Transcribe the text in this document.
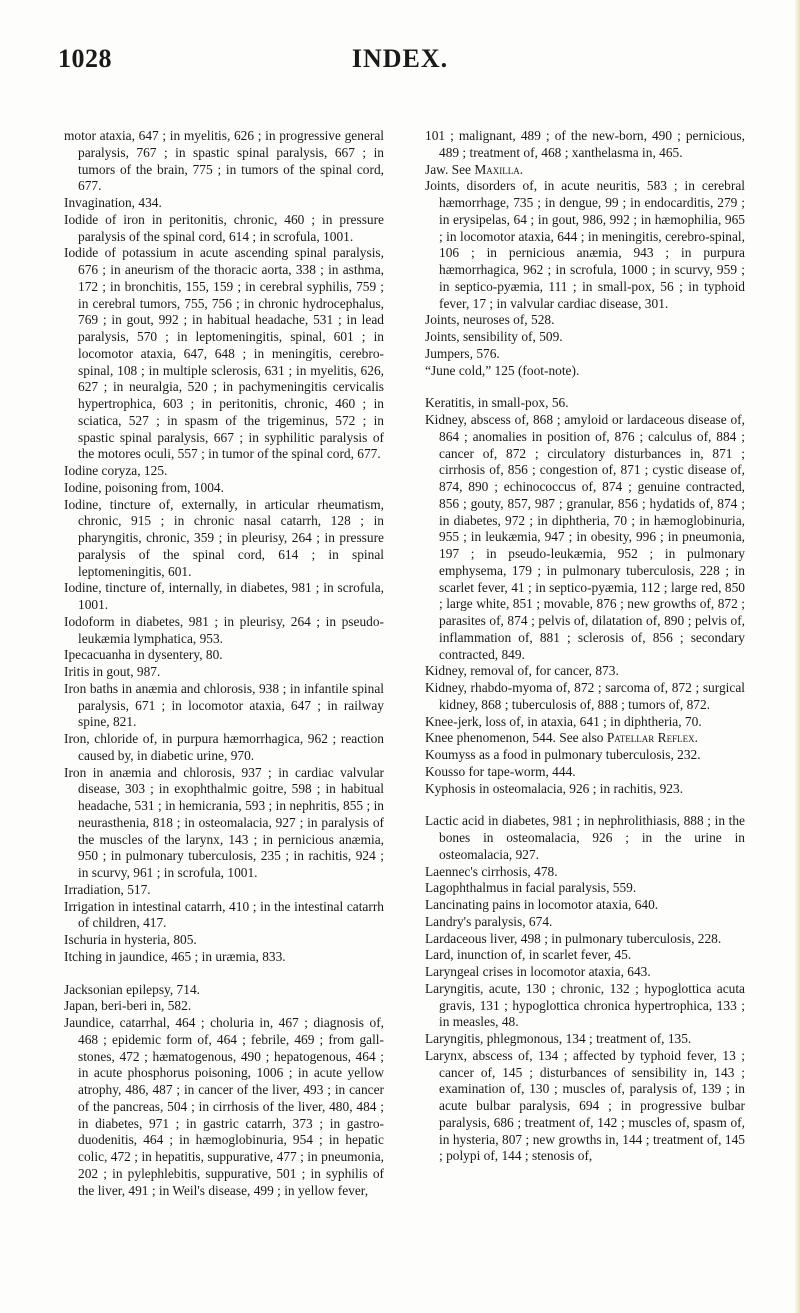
INDEX.
1028
motor ataxia, 647 ; in myelitis, 626 ; in progressive general paralysis, 767 ; in spastic spinal paralysis, 667 ; in tumors of the brain, 775 ; in tumors of the spinal cord, 677.
Invagination, 434.
Iodide of iron in peritonitis, chronic, 460 ; in pressure paralysis of the spinal cord, 614 ; in scrofula, 1001.
Iodide of potassium in acute ascending spinal paralysis, 676 ; in aneurism of the thoracic aorta, 338 ; in asthma, 172 ; in bronchitis, 155, 159 ; in cerebral syphilis, 759 ; in cerebral tumors, 755, 756 ; in chronic hydrocephalus, 769 ; in gout, 992 ; in habitual headache, 531 ; in lead paralysis, 570 ; in leptomeningitis, spinal, 601 ; in locomotor ataxia, 647, 648 ; in meningitis, cerebro-spinal, 108 ; in multiple sclerosis, 631 ; in myelitis, 626, 627 ; in neuralgia, 520 ; in pachymeningitis cervicalis hypertrophica, 603 ; in peritonitis, chronic, 460 ; in sciatica, 527 ; in spasm of the trigeminus, 572 ; in spastic spinal paralysis, 667 ; in syphilitic paralysis of the motores oculi, 557 ; in tumor of the spinal cord, 677.
Iodine coryza, 125.
Iodine, poisoning from, 1004.
Iodine, tincture of, externally, in articular rheumatism, chronic, 915 ; in chronic nasal catarrh, 128 ; in pharyngitis, chronic, 359 ; in pleurisy, 264 ; in pressure paralysis of the spinal cord, 614 ; in spinal leptomeningitis, 601.
Iodine, tincture of, internally, in diabetes, 981 ; in scrofula, 1001.
Iodoform in diabetes, 981 ; in pleurisy, 264 ; in pseudo-leukæmia lymphatica, 953.
Ipecacuanha in dysentery, 80.
Iritis in gout, 987.
Iron baths in anæmia and chlorosis, 938 ; in infantile spinal paralysis, 671 ; in locomotor ataxia, 647 ; in railway spine, 821.
Iron, chloride of, in purpura hæmorrhagica, 962 ; reaction caused by, in diabetic urine, 970.
Iron in anæmia and chlorosis, 937 ; in cardiac valvular disease, 303 ; in exophthalmic goitre, 598 ; in habitual headache, 531 ; in hemicrania, 593 ; in nephritis, 855 ; in neurasthenia, 818 ; in osteomalacia, 927 ; in paralysis of the muscles of the larynx, 143 ; in pernicious anæmia, 950 ; in pulmonary tuberculosis, 235 ; in rachitis, 924 ; in scurvy, 961 ; in scrofula, 1001.
Irradiation, 517.
Irrigation in intestinal catarrh, 410 ; in the intestinal catarrh of children, 417.
Ischuria in hysteria, 805.
Itching in jaundice, 465 ; in uræmia, 833.
Jacksonian epilepsy, 714.
Japan, beri-beri in, 582.
Jaundice, catarrhal, 464 ; choluria in, 467 ; diagnosis of, 468 ; epidemic form of, 464 ; febrile, 469 ; from gall-stones, 472 ; hæmatogenous, 490 ; hepatogenous, 464 ; in acute phosphorus poisoning, 1006 ; in acute yellow atrophy, 486, 487 ; in cancer of the liver, 493 ; in cancer of the pancreas, 504 ; in cirrhosis of the liver, 480, 484 ; in diabetes, 971 ; in gastric catarrh, 373 ; in gastro-duodenitis, 464 ; in hæmoglobinuria, 954 ; in hepatic colic, 472 ; in hepatitis, suppurative, 477 ; in pneumonia, 202 ; in pylephlebitis, suppurative, 501 ; in syphilis of the liver, 491 ; in Weil's disease, 499 ; in yellow fever,
101 ; malignant, 489 ; of the new-born, 490 ; pernicious, 489 ; treatment of, 468 ; xanthelasma in, 465.
Jaw. See Maxilla.
Joints, disorders of, in acute neuritis, 583 ; in cerebral hæmorrhage, 735 ; in dengue, 99 ; in endocarditis, 279 ; in erysipelas, 64 ; in gout, 986, 992 ; in hæmophilia, 965 ; in locomotor ataxia, 644 ; in meningitis, cerebro-spinal, 106 ; in pernicious anæmia, 943 ; in purpura hæmorrhagica, 962 ; in scrofula, 1000 ; in scurvy, 959 ; in septico-pyæmia, 111 ; in small-pox, 56 ; in typhoid fever, 17 ; in valvular cardiac disease, 301.
Joints, neuroses of, 528.
Joints, sensibility of, 509.
Jumpers, 576.
“June cold,” 125 (foot-note).
Keratitis, in small-pox, 56.
Kidney, abscess of, 868 ; amyloid or lardaceous disease of, 864 ; anomalies in position of, 876 ; calculus of, 884 ; cancer of, 872 ; circulatory disturbances in, 871 ; cirrhosis of, 856 ; congestion of, 871 ; cystic disease of, 874, 890 ; echinococcus of, 874 ; genuine contracted, 856 ; gouty, 857, 987 ; granular, 856 ; hydatids of, 874 ; in diabetes, 972 ; in diphtheria, 70 ; in hæmoglobinuria, 955 ; in leukæmia, 947 ; in obesity, 996 ; in pneumonia, 197 ; in pseudo-leukæmia, 952 ; in pulmonary emphysema, 179 ; in pulmonary tuberculosis, 228 ; in scarlet fever, 41 ; in septico-pyæmia, 112 ; large red, 850 ; large white, 851 ; movable, 876 ; new growths of, 872 ; parasites of, 874 ; pelvis of, dilatation of, 890 ; pelvis of, inflammation of, 881 ; sclerosis of, 856 ; secondary contracted, 849.
Kidney, removal of, for cancer, 873.
Kidney, rhabdo-myoma of, 872 ; sarcoma of, 872 ; surgical kidney, 868 ; tuberculosis of, 888 ; tumors of, 872.
Knee-jerk, loss of, in ataxia, 641 ; in diphtheria, 70.
Knee phenomenon, 544. See also Patellar Reflex.
Koumyss as a food in pulmonary tuberculosis, 232.
Kousso for tape-worm, 444.
Kyphosis in osteomalacia, 926 ; in rachitis, 923.
Lactic acid in diabetes, 981 ; in nephrolithiasis, 888 ; in the bones in osteomalacia, 926 ; in the urine in osteomalacia, 927.
Laennec's cirrhosis, 478.
Lagophthalmus in facial paralysis, 559.
Lancinating pains in locomotor ataxia, 640.
Landry's paralysis, 674.
Lardaceous liver, 498 ; in pulmonary tuberculosis, 228.
Lard, inunction of, in scarlet fever, 45.
Laryngeal crises in locomotor ataxia, 643.
Laryngitis, acute, 130 ; chronic, 132 ; hypoglottica acuta gravis, 131 ; hypoglottica chronica hypertrophica, 133 ; in measles, 48.
Laryngitis, phlegmonous, 134 ; treatment of, 135.
Larynx, abscess of, 134 ; affected by typhoid fever, 13 ; cancer of, 145 ; disturbances of sensibility in, 143 ; examination of, 130 ; muscles of, paralysis of, 139 ; in acute bulbar paralysis, 694 ; in progressive bulbar paralysis, 686 ; treatment of, 142 ; muscles of, spasm of, in hysteria, 807 ; new growths in, 144 ; treatment of, 145 ; polypi of, 144 ; stenosis of,
